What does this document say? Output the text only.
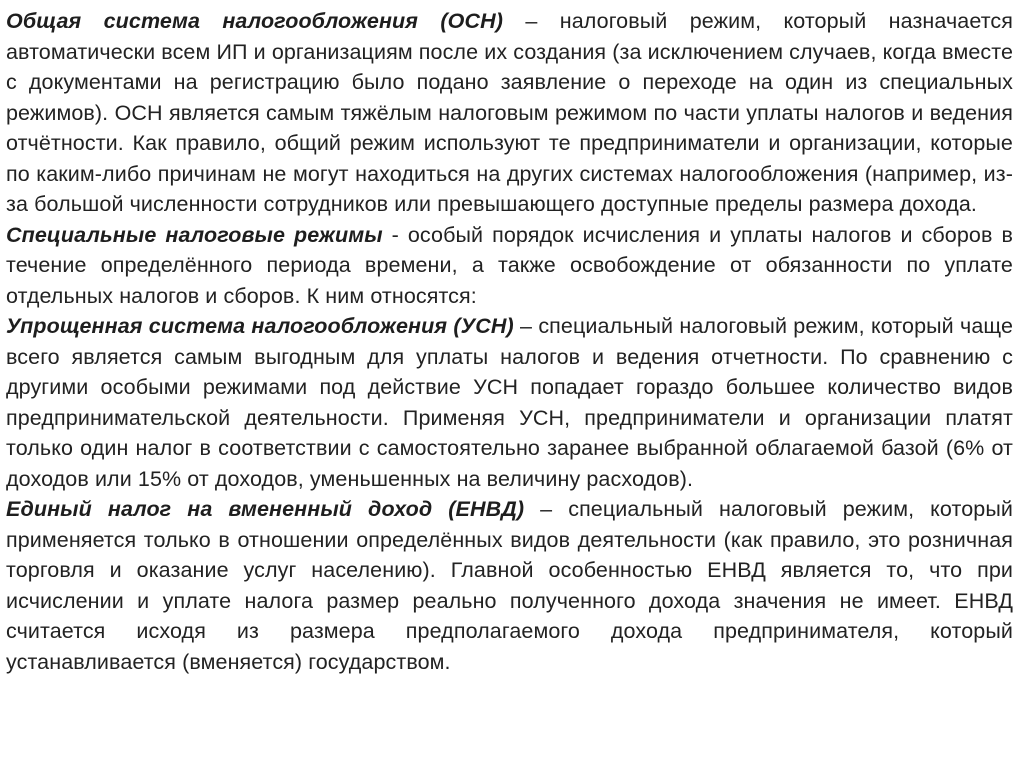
Общая система налогообложения (ОСН) – налоговый режим, который назначается автоматически всем ИП и организациям после их создания (за исключением случаев, когда вместе с документами на регистрацию было подано заявление о переходе на один из специальных режимов). ОСН является самым тяжёлым налоговым режимом по части уплаты налогов и ведения отчётности. Как правило, общий режим используют те предприниматели и организации, которые по каким-либо причинам не могут находиться на других системах налогообложения (например, из-за большой численности сотрудников или превышающего доступные пределы размера дохода.

Специальные налоговые режимы - особый порядок исчисления и уплаты налогов и сборов в течение определённого периода времени, а также освобождение от обязанности по уплате отдельных налогов и сборов. К ним относятся:

Упрощенная система налогообложения (УСН) – специальный налоговый режим, который чаще всего является самым выгодным для уплаты налогов и ведения отчетности. По сравнению с другими особыми режимами под действие УСН попадает гораздо большее количество видов предпринимательской деятельности. Применяя УСН, предприниматели и организации платят только один налог в соответствии с самостоятельно заранее выбранной облагаемой базой (6% от доходов или 15% от доходов, уменьшенных на величину расходов).

Единый налог на вмененный доход (ЕНВД) – специальный налоговый режим, который применяется только в отношении определённых видов деятельности (как правило, это розничная торговля и оказание услуг населению). Главной особенностью ЕНВД является то, что при исчислении и уплате налога размер реально полученного дохода значения не имеет. ЕНВД считается исходя из размера предполагаемого дохода предпринимателя, который устанавливается (вменяется) государством.
